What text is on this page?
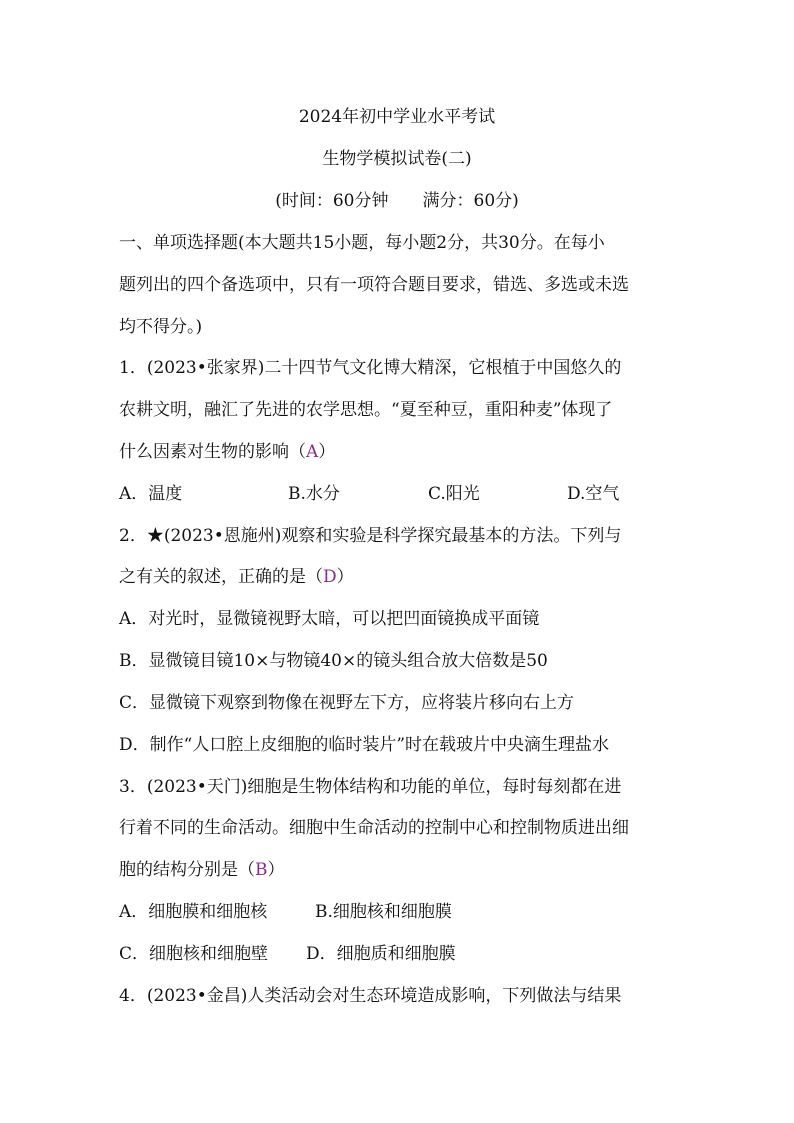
2024年初中学业水平考试
生物学模拟试卷(二)
(时间：60分钟　　满分：60分)
一、单项选择题(本大题共15小题，每小题2分，共30分。在每小
题列出的四个备选项中，只有一项符合题目要求，错选、多选或未选
均不得分。)
1．(2023•张家界)二十四节气文化博大精深，它根植于中国悠久的
农耕文明，融汇了先进的农学思想。“夏至种豆，重阳种麦”体现了
什么因素对生物的影响（A）
A．温度	B.水分	C.阳光	D.空气
2．★(2023•恩施州)观察和实验是科学探究最基本的方法。下列与
之有关的叙述，正确的是（D）
A．对光时，显微镜视野太暗，可以把凹面镜换成平面镜
B．显微镜目镜10×与物镜40×的镜头组合放大倍数是50
C．显微镜下观察到物像在视野左下方，应将装片移向右上方
D．制作“人口腔上皮细胞的临时装片”时在载玻片中央滴生理盐水
3．(2023•天门)细胞是生物体结构和功能的单位，每时每刻都在进
行着不同的生命活动。细胞中生命活动的控制中心和控制物质进出细
胞的结构分别是（B）
A．细胞膜和细胞核	B.细胞核和细胞膜
C．细胞核和细胞壁 D．细胞质和细胞膜
4．(2023•金昌)人类活动会对生态环境造成影响，下列做法与结果
